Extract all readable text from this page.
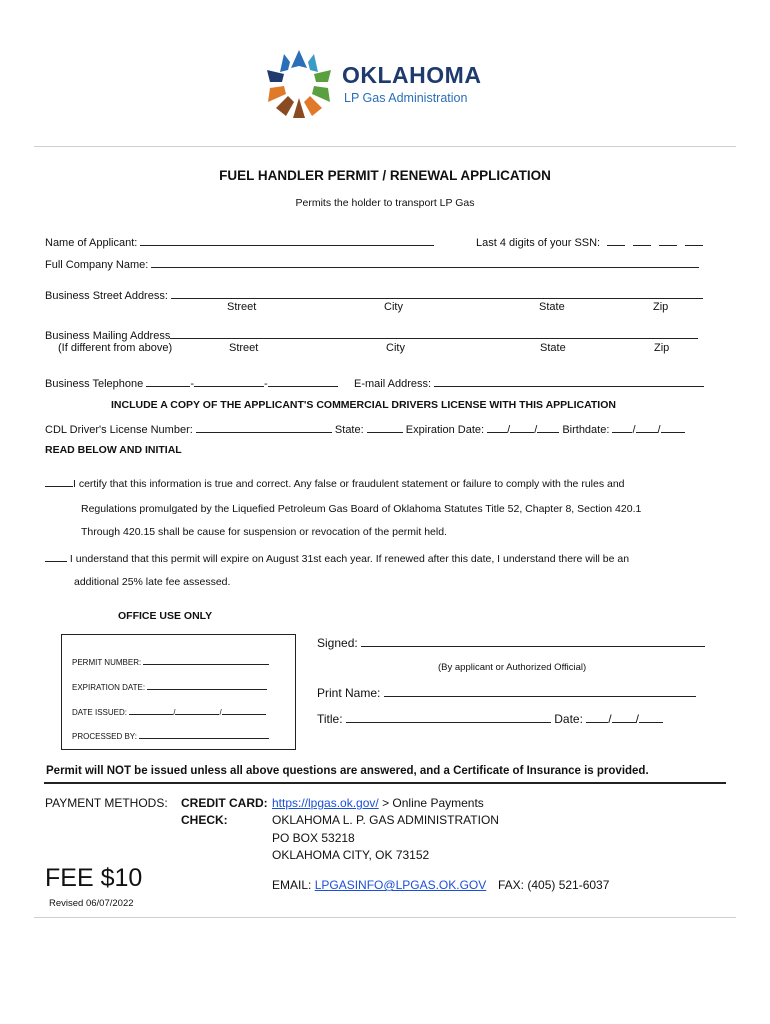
OKLAHOMA
LP Gas Administration
FUEL HANDLER PERMIT / RENEWAL APPLICATION
Permits the holder to transport LP Gas
Name of Applicant:	Last 4 digits of your SSN:
Full Company Name:
Business Street Address:
Street	City	State	Zip
Business Mailing Address
(If different from above)	Street	City	State	Zip
Business Telephone	-	-	E-mail Address:
INCLUDE A COPY OF THE APPLICANT'S COMMERCIAL DRIVERS LICENSE WITH THIS APPLICATION
CDL Driver's License Number:	State:	Expiration Date: / / Birthdate: / /
READ BELOW AND INITIAL
I certify that this information is true and correct. Any false or fraudulent statement or failure to comply with the rules and
Regulations promulgated by the Liquefied Petroleum Gas Board of Oklahoma Statutes Title 52, Chapter 8, Section 420.1
Through 420.15 shall be cause for suspension or revocation of the permit held.
I understand that this permit will expire on August 31st each year. If renewed after this date, I understand there will be an
additional 25% late fee assessed.
OFFICE USE ONLY
PERMIT NUMBER:
EXPIRATION DATE:
DATE ISSUED:	/	/
PROCESSED BY:
Signed:
(By applicant or Authorized Official)
Print Name:
Title:	Date: / /
Permit will NOT be issued unless all above questions are answered, and a Certificate of Insurance is provided.
PAYMENT METHODS: CREDIT CARD: https://lpgas.ok.gov/ > Online Payments
CHECK:	OKLAHOMA L. P. GAS ADMINISTRATION
PO BOX 53218
OKLAHOMA CITY, OK 73152
FEE $10	EMAIL: LPGASINFO@LPGAS.OK.GOV FAX: (405) 521-6037
Revised 06/07/2022
